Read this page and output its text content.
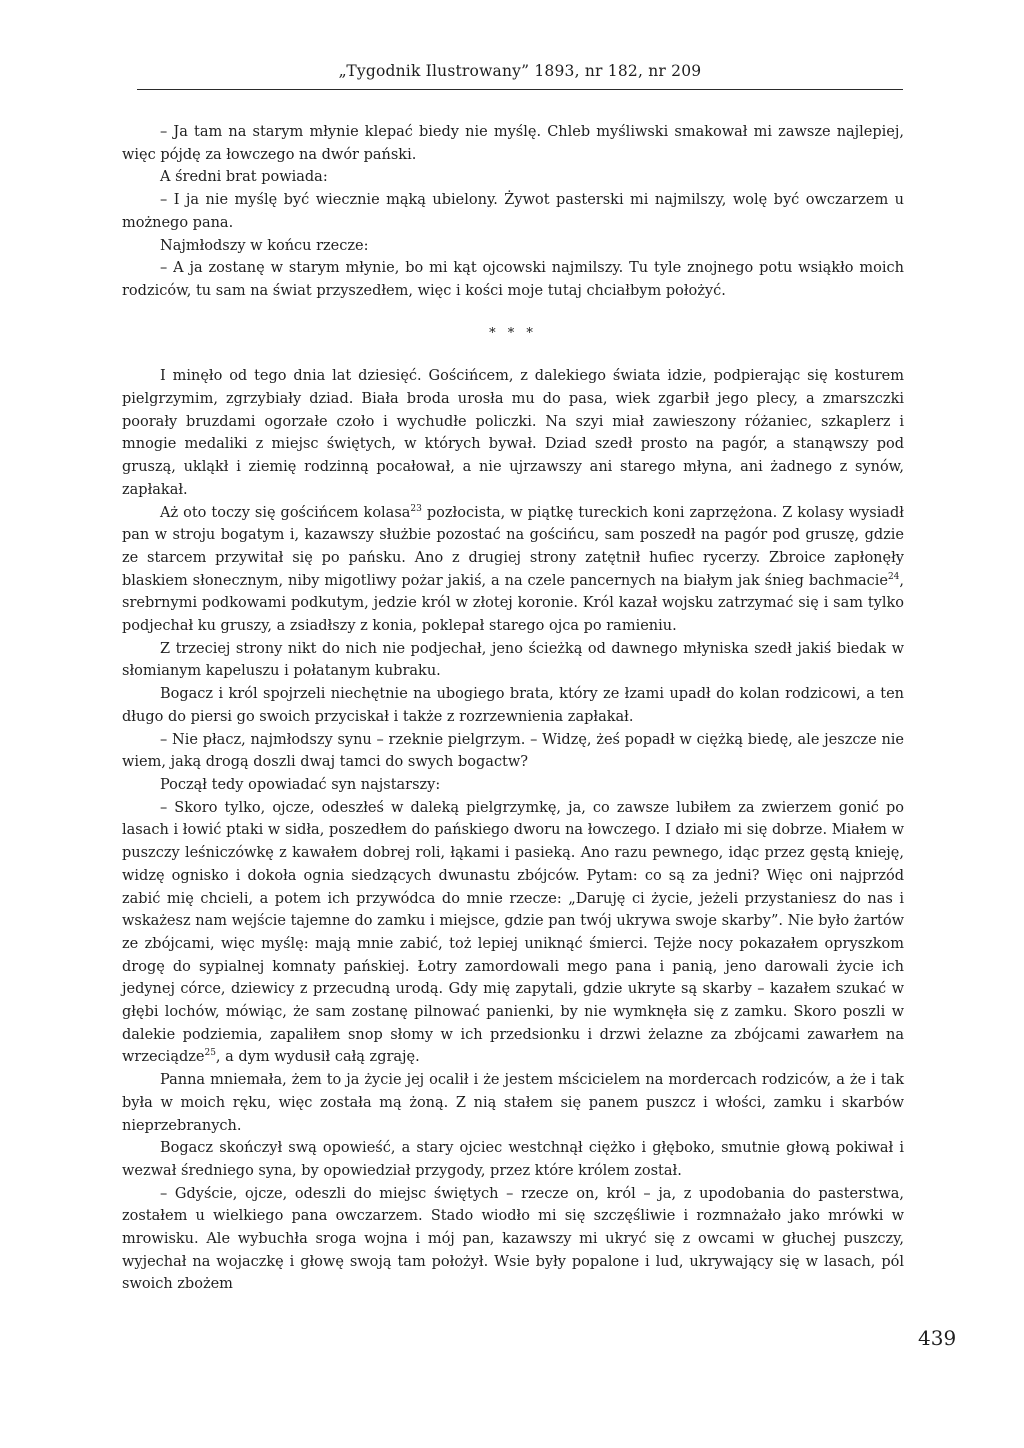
„Tygodnik Ilustrowany” 1893, nr 182, nr 209

– Ja tam na starym młynie klepać biedy nie myślę. Chleb myśliwski smakował mi zawsze najlepiej, więc pójdę za łowczego na dwór pański.

A średni brat powiada:

– I ja nie myślę być wiecznie mąką ubielony. Żywot pasterski mi najmilszy, wolę być owczarzem u możnego pana.

Najmłodszy w końcu rzecze:

– A ja zostanę w starym młynie, bo mi kąt ojcowski najmilszy. Tu tyle znojnego potu wsiąkło moich rodziców, tu sam na świat przyszedłem, więc i kości moje tutaj chciałbym położyć.

* * *

I minęło od tego dnia lat dziesięć. Gościńcem, z dalekiego świata idzie, podpierając się kosturem pielgrzymim, zgrzybiały dziad. Biała broda urosła mu do pasa, wiek zgarbił jego plecy, a zmarszczki poorały bruzdami ogorzałe czoło i wychudłe policzki. Na szyi miał zawieszony różaniec, szkaplerz i mnogie medaliki z miejsc świętych, w których bywał. Dziad szedł prosto na pagór, a stanąwszy pod gruszą, ukląkł i ziemię rodzinną pocałował, a nie ujrzawszy ani starego młyna, ani żadnego z synów, zapłakał.

Aż oto toczy się gościńcem kolasa$^{23}$ pozłocista, w piątkę tureckich koni zaprzężona. Z kolasy wysiadł pan w stroju bogatym i, kazawszy służbie pozostać na gościńcu, sam poszedł na pagór pod gruszę, gdzie ze starcem przywitał się po pańsku. Ano z drugiej strony zatętnił hufiec rycerzy. Zbroice zapłonęły blaskiem słonecznym, niby migotliwy pożar jakiś, a na czele pancernych na białym jak śnieg bachmacie$^{24}$, srebrnymi podkowami podkutym, jedzie król w złotej koronie. Król kazał wojsku zatrzymać się i sam tylko podjechał ku gruszy, a zsiadłszy z konia, poklepał starego ojca po ramieniu.

Z trzeciej strony nikt do nich nie podjechał, jeno ścieżką od dawnego młyniska szedł jakiś biedak w słomianym kapeluszu i połatanym kubraku.

Bogacz i król spojrzeli niechętnie na ubogiego brata, który ze łzami upadł do kolan rodzicowi, a ten długo do piersi go swoich przyciskał i także z rozrzewnienia zapłakał.

– Nie płacz, najmłodszy synu – rzeknie pielgrzym. – Widzę, żeś popadł w ciężką biedę, ale jeszcze nie wiem, jaką drogą doszli dwaj tamci do swych bogactw?

Począł tedy opowiadać syn najstarszy:

– Skoro tylko, ojcze, odeszłeś w daleką pielgrzymkę, ja, co zawsze lubiłem za zwierzem gonić po lasach i łowić ptaki w sidła, poszedłem do pańskiego dworu na łowczego. I działo mi się dobrze. Miałem w puszczy leśniczówkę z kawałem dobrej roli, łąkami i pasieką. Ano razu pewnego, idąc przez gęstą knieję, widzę ognisko i dokoła ognia siedzących dwunastu zbójców. Pytam: co są za jedni? Więc oni najprzód zabić mię chcieli, a potem ich przywódca do mnie rzecze: „Daruję ci życie, jeżeli przystaniesz do nas i wskażesz nam wejście tajemne do zamku i miejsce, gdzie pan twój ukrywa swoje skarby”. Nie było żartów ze zbójcami, więc myślę: mają mnie zabić, toż lepiej uniknąć śmierci. Tejże nocy pokazałem opryszkom drogę do sypialnej komnaty pańskiej. Łotry zamordowali mego pana i panią, jeno darowali życie ich jedynej córce, dziewicy z przecudną urodą. Gdy mię zapytali, gdzie ukryte są skarby – kazałem szukać w głębi lochów, mówiąc, że sam zostanę pilnować panienki, by nie wymknęła się z zamku. Skoro poszli w dalekie podziemia, zapaliłem snop słomy w ich przedsionku i drzwi żelazne za zbójcami zawarłem na wrzeciądze$^{25}$, a dym wydusił całą zgraję.

Panna mniemała, żem to ja życie jej ocalił i że jestem mścicielem na mordercach rodziców, a że i tak była w moich ręku, więc została mą żoną. Z nią stałem się panem puszcz i włości, zamku i skarbów nieprzebranych.

Bogacz skończył swą opowieść, a stary ojciec westchnął ciężko i głęboko, smutnie głową pokiwał i wezwał średniego syna, by opowiedział przygody, przez które królem został.

– Gdyście, ojcze, odeszli do miejsc świętych – rzecze on, król – ja, z upodobania do pasterstwa, zostałem u wielkiego pana owczarzem. Stado wiodło mi się szczęśliwie i rozmnażało jako mrówki w mrowisku. Ale wybuchła sroga wojna i mój pan, kazawszy mi ukryć się z owcami w głuchej puszczy, wyjechał na wojaczkę i głowę swoją tam położył. Wsie były popalone i lud, ukrywający się w lasach, pól swoich zbożem

439
